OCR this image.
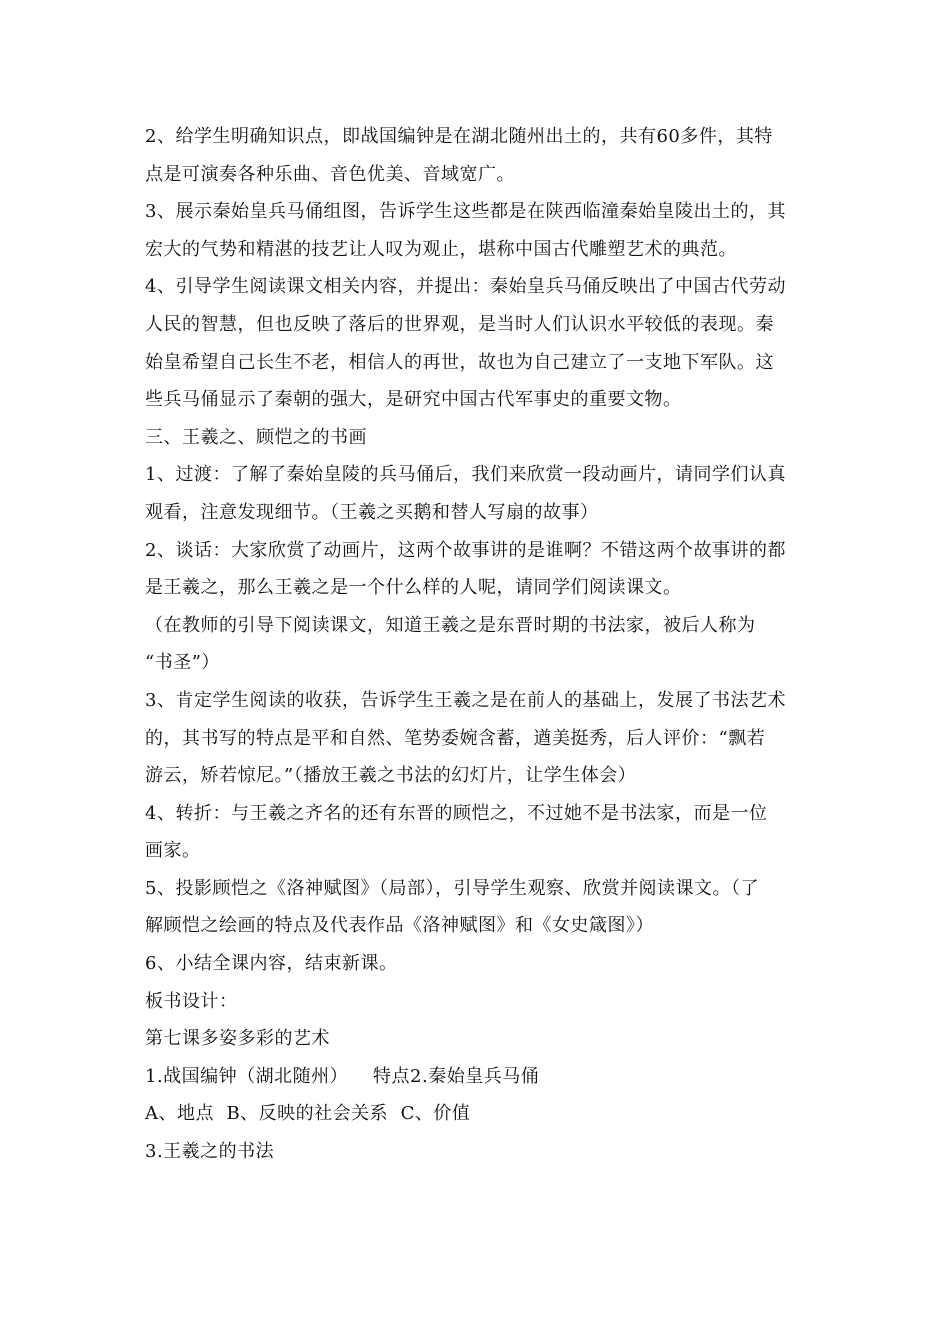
2、给学生明确知识点，即战国编钟是在湖北随州出土的，共有60多件，其特
点是可演奏各种乐曲、音色优美、音域宽广。
3、展示秦始皇兵马俑组图，告诉学生这些都是在陕西临潼秦始皇陵出土的，其
宏大的气势和精湛的技艺让人叹为观止，堪称中国古代雕塑艺术的典范。
4、引导学生阅读课文相关内容，并提出：秦始皇兵马俑反映出了中国古代劳动
人民的智慧，但也反映了落后的世界观，是当时人们认识水平较低的表现。秦
始皇希望自己长生不老，相信人的再世，故也为自己建立了一支地下军队。这
些兵马俑显示了秦朝的强大，是研究中国古代军事史的重要文物。
三、王羲之、顾恺之的书画
1、过渡：了解了秦始皇陵的兵马俑后，我们来欣赏一段动画片，请同学们认真
观看，注意发现细节。（王羲之买鹅和替人写扇的故事）
2、谈话：大家欣赏了动画片，这两个故事讲的是谁啊？不错这两个故事讲的都
是王羲之，那么王羲之是一个什么样的人呢，请同学们阅读课文。
（在教师的引导下阅读课文，知道王羲之是东晋时期的书法家，被后人称为
“书圣”）
3、肯定学生阅读的收获，告诉学生王羲之是在前人的基础上，发展了书法艺术
的，其书写的特点是平和自然、笔势委婉含蓄，遒美挺秀，后人评价：“飘若
游云，矫若惊尼。”（播放王羲之书法的幻灯片，让学生体会）
4、转折：与王羲之齐名的还有东晋的顾恺之，不过她不是书法家，而是一位
画家。
5、投影顾恺之《洛神赋图》（局部），引导学生观察、欣赏并阅读课文。（了
解顾恺之绘画的特点及代表作品《洛神赋图》和《女史箴图》）
6、小结全课内容，结束新课。
板书设计：
第七课多姿多彩的艺术
1.战国编钟（湖北随州）    特点2.秦始皇兵马俑
A、地点  B、反映的社会关系  C、价值
3.王羲之的书法
